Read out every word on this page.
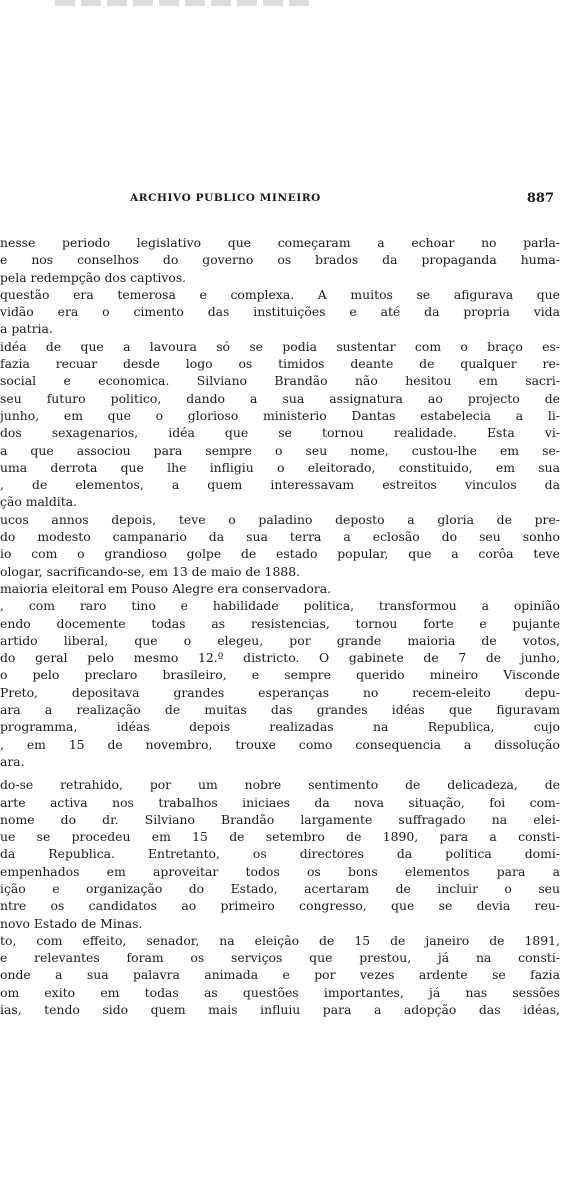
ARCHIVO PUBLICO MINEIRO	887
nesse periodo legislativo que começaram a echoar no parla-
e nos conselhos do governo os brados da propaganda huma-
pela redempção dos captivos.
questão era temerosa e complexa. A muitos se afigurava que
vidão era o cimento das instituições e até da propria vida
a patria.
idéa de que a lavoura só se podia sustentar com o braço es-
fazia recuar desde logo os timidos deante de qualquer re-
social e economica. Silviano Brandão não hesitou em sacri-
seu futuro politico, dando a sua assignatura ao projecto de
junho, em que o glorioso ministerio Dantas estabelecia a li-
dos sexagenarios, idéa que se tornou realidade. Esta vi-
a que associou para sempre o seu nome, custou-lhe em se-
uma derrota que lhe infligiu o eleitorado, constituido, em sua
, de elementos, a quem interessavam estreitos vinculos da
ção maldita.
ucos annos depois, teve o paladino deposto a gloria de pre-
do modesto campanario da sua terra a eclosão do seu sonho
io com o grandioso golpe de estado popular, que a corôa teve
ologar, sacrificando-se, em 13 de maio de 1888.
maioria eleitoral em Pouso Alegre era conservadora.
, com raro tino e habilidade politica, transformou a opinião
endo docemente todas as resistencias, tornou forte e pujante
artido liberal, que o elegeu, por grande maioria de votos,
do geral pelo mesmo 12.º districto. O gabinete de 7 de junho,
o pelo preclaro brasileiro, e sempre querido mineiro Visconde
Preto, depositava grandes esperanças no recem-eleito depu-
ara a realização de muitas das grandes idéas que figuravam
programma, idéas depois realizadas na Republica, cujo
, em 15 de novembro, trouxe como consequencia a dissolução
ara.
do-se retrahido, por um nobre sentimento de delicadeza, de
arte activa nos trabalhos iniciaes da nova situação, foi com-
nome do dr. Silviano Brandão largamente suffragado na elei-
ue se procedeu em 15 de setembro de 1890, para a consti-
da Republica. Entretanto, os directores da politica domi-
empenhados em aproveitar todos os bons elementos para a
ição e organização do Estado, acertaram de incluir o seu
ntre os candidatos ao primeiro congresso, que se devia reu-
novo Estado de Minas.
to, com effeito, senador, na eleição de 15 de janeiro de 1891,
e relevantes foram os serviços que prestou, já na consti-
onde a sua palavra animada e por vezes ardente se fazia
om exito em todas as questões importantes, já nas sessões
ias, tendo sido quem mais influiu para a adopção das idéas,
